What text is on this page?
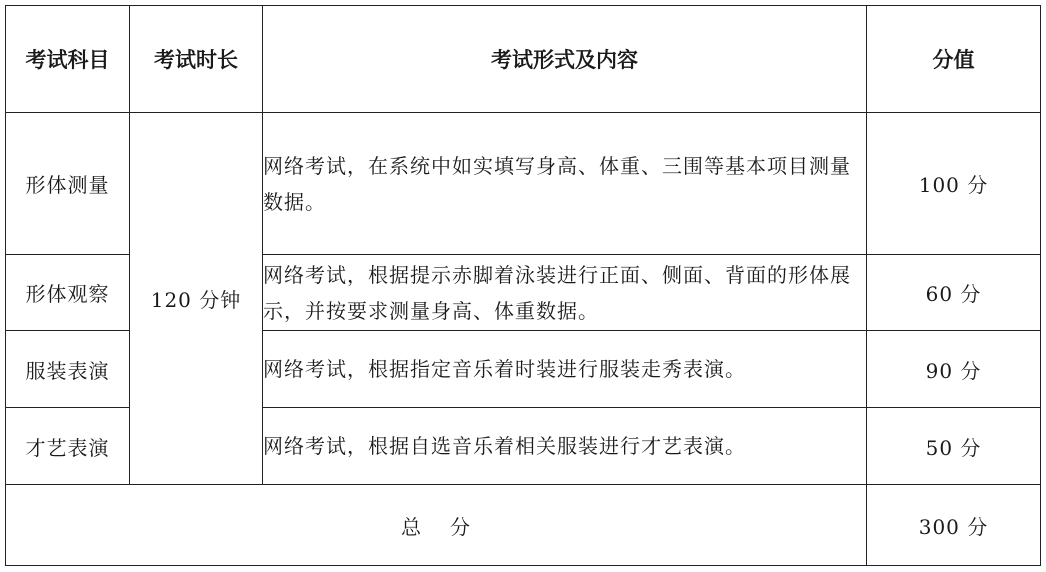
考试科目	考试时长	考试形式及内容	分值
形体测量	120 分钟	网络考试，在系统中如实填写身高、体重、三围等基本项目测量数据。	100 分
形体观察		网络考试，根据提示赤脚着泳装进行正面、侧面、背面的形体展示，并按要求测量身高、体重数据。	60 分
服装表演		网络考试，根据指定音乐着时装进行服装走秀表演。	90 分
才艺表演		网络考试，根据自选音乐着相关服装进行才艺表演。	50 分
总 分			300 分
